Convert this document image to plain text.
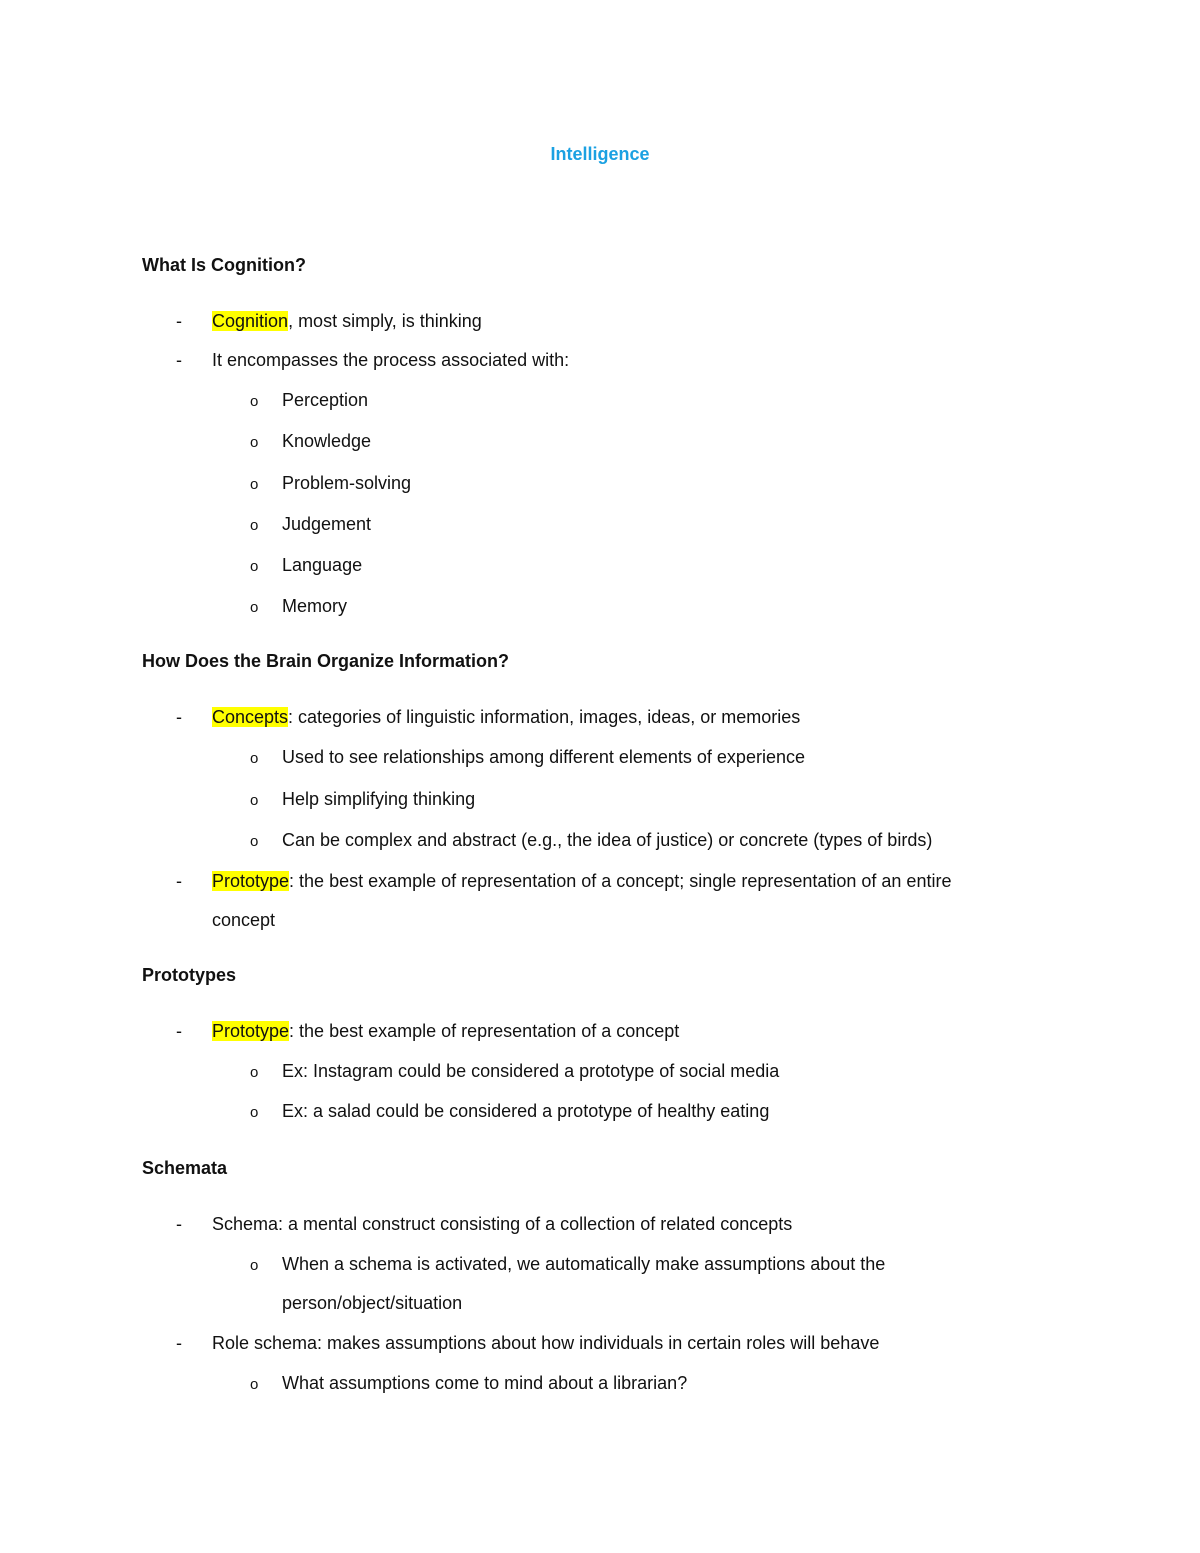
Intelligence
What Is Cognition?
- Cognition, most simply, is thinking
- It encompasses the process associated with:
o Perception
o Knowledge
o Problem-solving
o Judgement
o Language
o Memory
How Does the Brain Organize Information?
- Concepts: categories of linguistic information, images, ideas, or memories
o Used to see relationships among different elements of experience
o Help simplifying thinking
o Can be complex and abstract (e.g., the idea of justice) or concrete (types of birds)
- Prototype: the best example of representation of a concept; single representation of an entire
concept
Prototypes
- Prototype: the best example of representation of a concept
o Ex: Instagram could be considered a prototype of social media
o Ex: a salad could be considered a prototype of healthy eating
Schemata
- Schema: a mental construct consisting of a collection of related concepts
o When a schema is activated, we automatically make assumptions about the
person/object/situation
- Role schema: makes assumptions about how individuals in certain roles will behave
o What assumptions come to mind about a librarian?
